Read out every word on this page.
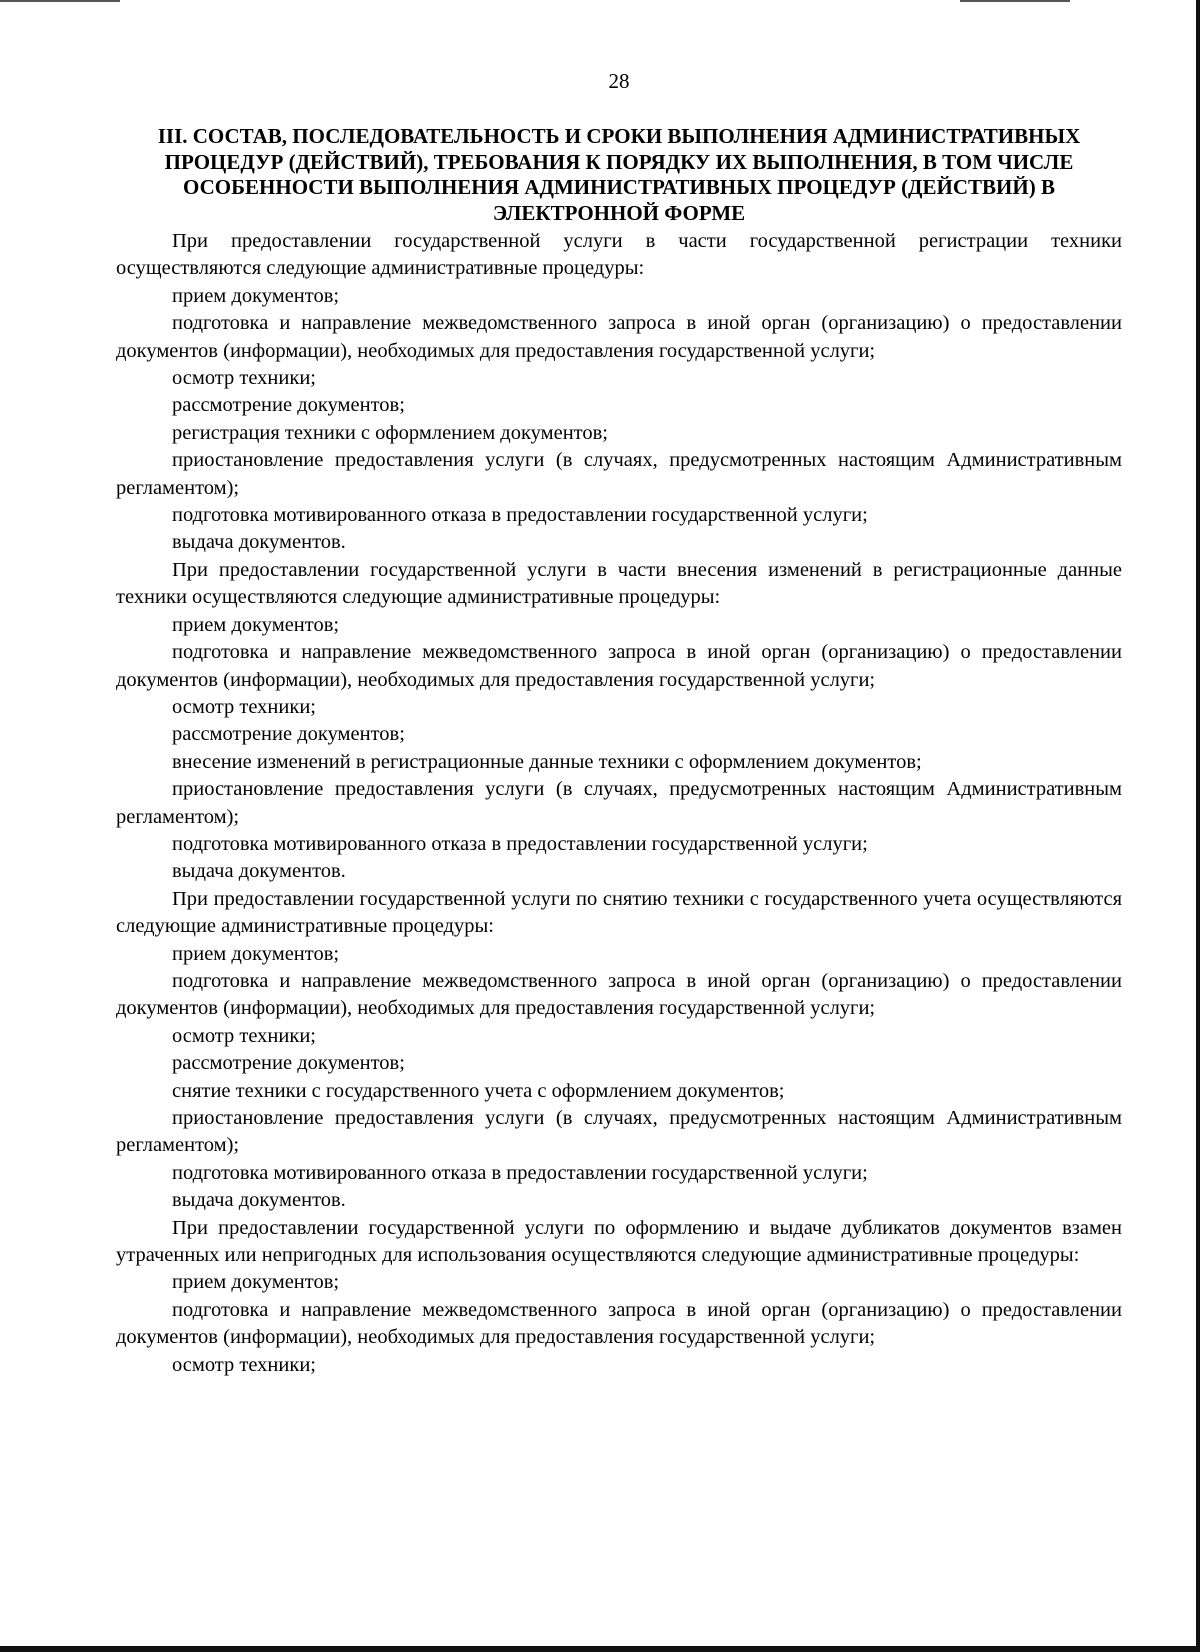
28
III. СОСТАВ, ПОСЛЕДОВАТЕЛЬНОСТЬ И СРОКИ ВЫПОЛНЕНИЯ АДМИНИСТРАТИВНЫХ ПРОЦЕДУР (ДЕЙСТВИЙ), ТРЕБОВАНИЯ К ПОРЯДКУ ИХ ВЫПОЛНЕНИЯ, В ТОМ ЧИСЛЕ ОСОБЕННОСТИ ВЫПОЛНЕНИЯ АДМИНИСТРАТИВНЫХ ПРОЦЕДУР (ДЕЙСТВИЙ) В ЭЛЕКТРОННОЙ ФОРМЕ

При предоставлении государственной услуги в части государственной регистрации техники осуществляются следующие административные процедуры:

прием документов;

подготовка и направление межведомственного запроса в иной орган (организацию) о предоставлении документов (информации), необходимых для предоставления государственной услуги;

осмотр техники;

рассмотрение документов;

регистрация техники с оформлением документов;

приостановление предоставления услуги (в случаях, предусмотренных настоящим Административным регламентом);

подготовка мотивированного отказа в предоставлении государственной услуги;

выдача документов.

При предоставлении государственной услуги в части внесения изменений в регистрационные данные техники осуществляются следующие административные процедуры:

прием документов;

подготовка и направление межведомственного запроса в иной орган (организацию) о предоставлении документов (информации), необходимых для предоставления государственной услуги;

осмотр техники;

рассмотрение документов;

внесение изменений в регистрационные данные техники с оформлением документов;

приостановление предоставления услуги (в случаях, предусмотренных настоящим Административным регламентом);

подготовка мотивированного отказа в предоставлении государственной услуги;

выдача документов.

При предоставлении государственной услуги по снятию техники с государственного учета осуществляются следующие административные процедуры:

прием документов;

подготовка и направление межведомственного запроса в иной орган (организацию) о предоставлении документов (информации), необходимых для предоставления государственной услуги;

осмотр техники;

рассмотрение документов;

снятие техники с государственного учета с оформлением документов;

приостановление предоставления услуги (в случаях, предусмотренных настоящим Административным регламентом);

подготовка мотивированного отказа в предоставлении государственной услуги;

выдача документов.

При предоставлении государственной услуги по оформлению и выдаче дубликатов документов взамен утраченных или непригодных для использования осуществляются следующие административные процедуры:

прием документов;

подготовка и направление межведомственного запроса в иной орган (организацию) о предоставлении документов (информации), необходимых для предоставления государственной услуги;

осмотр техники;
